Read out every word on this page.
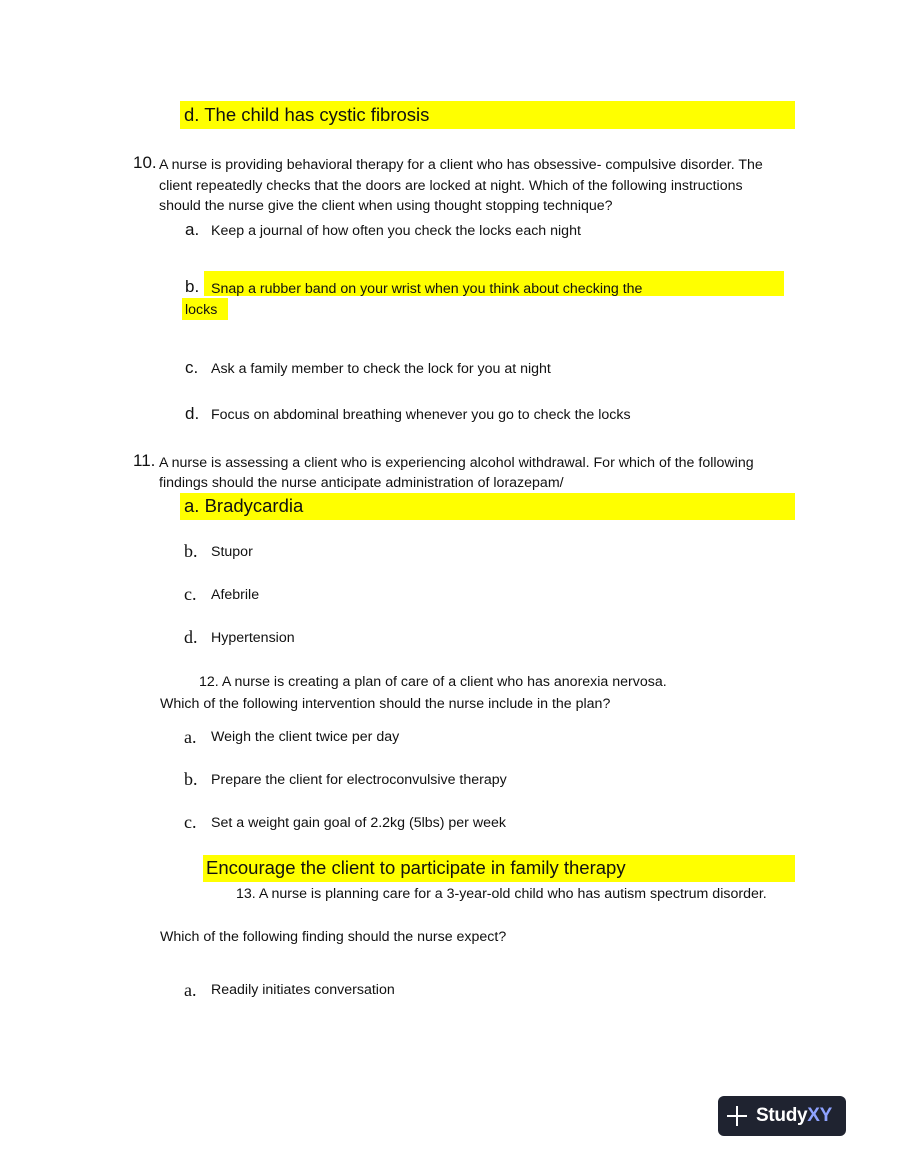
d. The child has cystic fibrosis
10. A nurse is providing behavioral therapy for a client who has obsessive- compulsive disorder. The
client repeatedly checks that the doors are locked at night. Which of the following instructions
should the nurse give the client when using thought stopping technique?
a. Keep a journal of how often you check the locks each night
b. Snap a rubber band on your wrist when you think about checking the
locks
c. Ask a family member to check the lock for you at night
d. Focus on abdominal breathing whenever you go to check the locks
11. A nurse is assessing a client who is experiencing alcohol withdrawal. For which of the following
findings should the nurse anticipate administration of lorazepam/
a. Bradycardia
b. Stupor
c. Afebrile
d. Hypertension
12. A nurse is creating a plan of care of a client who has anorexia nervosa.
Which of the following intervention should the nurse include in the plan?
a. Weigh the client twice per day
b. Prepare the client for electroconvulsive therapy
c. Set a weight gain goal of 2.2kg (5lbs) per week
Encourage the client to participate in family therapy
13. A nurse is planning care for a 3-year-old child who has autism spectrum disorder.
Which of the following finding should the nurse expect?
a. Readily initiates conversation
StudyXY
